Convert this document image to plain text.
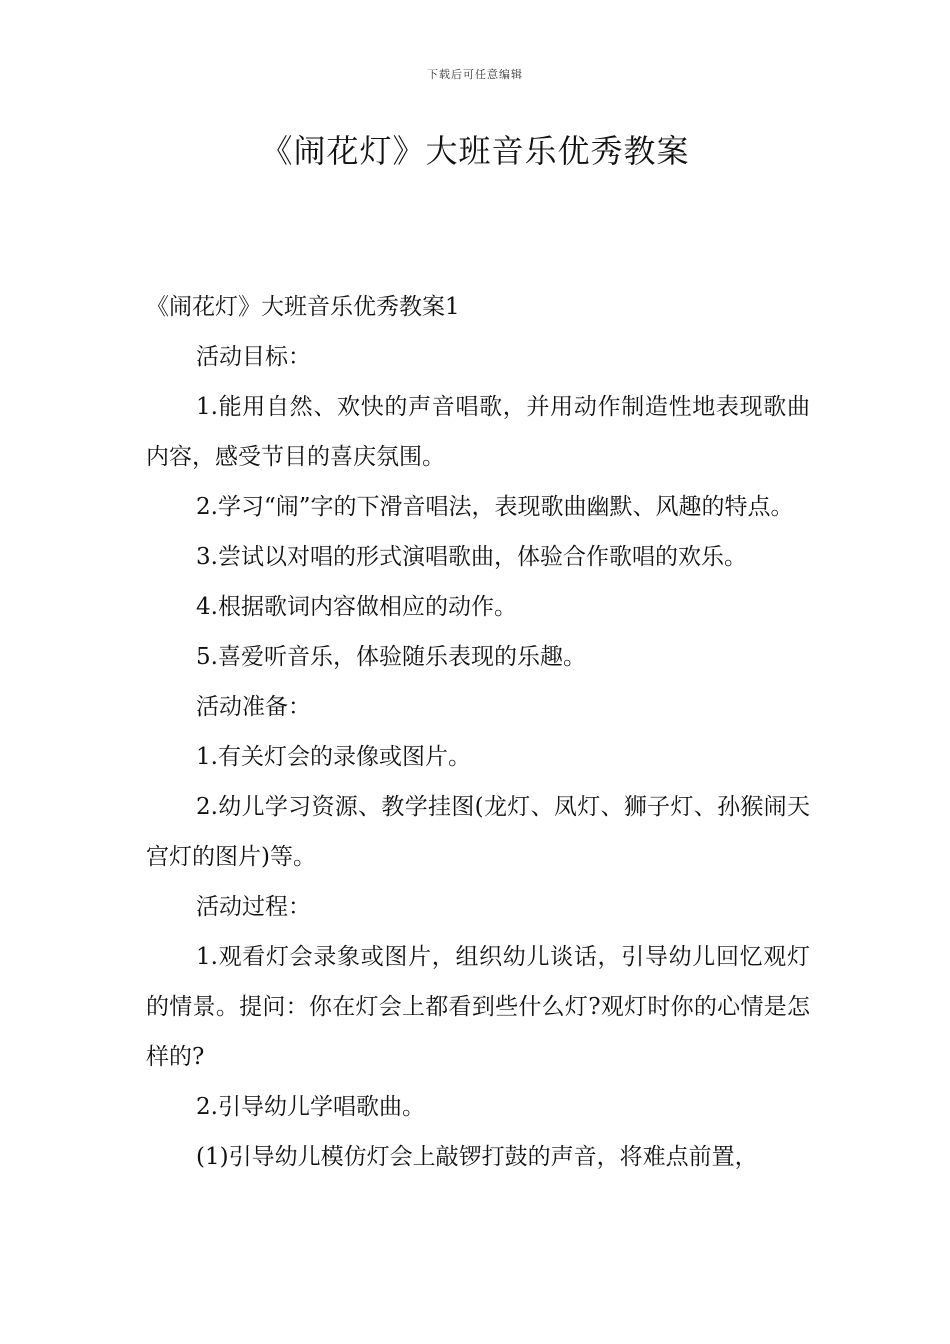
下载后可任意编辑
《闹花灯》大班音乐优秀教案

《闹花灯》大班音乐优秀教案1

活动目标：

1.能用自然、欢快的声音唱歌，并用动作制造性地表现歌曲内容，感受节目的喜庆氛围。

2.学习“闹”字的下滑音唱法，表现歌曲幽默、风趣的特点。

3.尝试以对唱的形式演唱歌曲，体验合作歌唱的欢乐。

4.根据歌词内容做相应的动作。

5.喜爱听音乐，体验随乐表现的乐趣。

活动准备：

1.有关灯会的录像或图片。

2.幼儿学习资源、教学挂图(龙灯、凤灯、狮子灯、孙猴闹天宫灯的图片)等。

活动过程：

1.观看灯会录象或图片，组织幼儿谈话，引导幼儿回忆观灯的情景。提问：你在灯会上都看到些什么灯?观灯时你的心情是怎样的?

2.引导幼儿学唱歌曲。

(1)引导幼儿模仿灯会上敲锣打鼓的声音，将难点前置，
